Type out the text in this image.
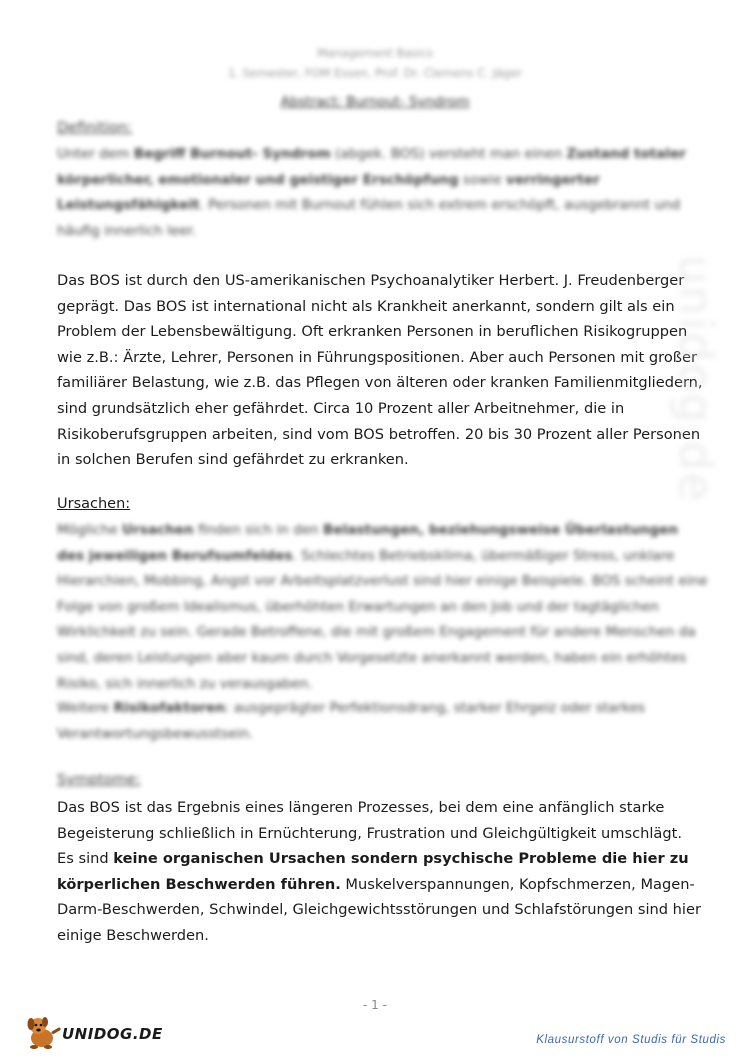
Management Basics
1. Semester, FOM Essen, Prof. Dr. Clemens C. Jäger
Abstract: Burnout- Syndrom
Definition:
Unter dem Begriff Burnout- Syndrom (abgek. BOS) versteht man einen Zustand totaler körperlicher, emotionaler und geistiger Erschöpfung sowie verringerter Leistungsfähigkeit. Personen mit Burnout fühlen sich extrem erschöpft, ausgebrannt und häufig innerlich leer.
Das BOS ist durch den US-amerikanischen Psychoanalytiker Herbert. J. Freudenberger geprägt. Das BOS ist international nicht als Krankheit anerkannt, sondern gilt als ein Problem der Lebensbewältigung. Oft erkranken Personen in beruflichen Risikogruppen wie z.B.: Ärzte, Lehrer, Personen in Führungspositionen. Aber auch Personen mit großer familiärer Belastung, wie z.B. das Pflegen von älteren oder kranken Familienmitgliedern, sind grundsätzlich eher gefährdet. Circa 10 Prozent aller Arbeitnehmer, die in Risikoberufsgruppen arbeiten, sind vom BOS betroffen. 20 bis 30 Prozent aller Personen in solchen Berufen sind gefährdet zu erkranken.
Ursachen:
Mögliche Ursachen finden sich in den Belastungen, beziehungsweise Überlastungen des jeweiligen Berufsumfeldes. Schlechtes Betriebsklima, übermäßiger Stress, unklare Hierarchien, Mobbing, Angst vor Arbeitsplatzverlust sind hier einige Beispiele. BOS scheint eine Folge von großem Idealismus, überhöhten Erwartungen an den Job und der tagtäglichen Wirklichkeit zu sein. Gerade Betroffene, die mit großem Engagement für andere Menschen da sind, deren Leistungen aber kaum durch Vorgesetzte anerkannt werden, haben ein erhöhtes Risiko, sich innerlich zu verausgaben.
Weitere Risikofaktoren: ausgeprägter Perfektionsdrang, starker Ehrgeiz oder starkes Verantwortungsbewusstsein.
Symptome:
Das BOS ist das Ergebnis eines längeren Prozesses, bei dem eine anfänglich starke Begeisterung schließlich in Ernüchterung, Frustration und Gleichgültigkeit umschlägt.
Es sind keine organischen Ursachen sondern psychische Probleme die hier zu körperlichen Beschwerden führen. Muskelverspannungen, Kopfschmerzen, Magen-Darm-Beschwerden, Schwindel, Gleichgewichtsstörungen und Schlafstörungen sind hier einige Beschwerden.
unidog.de
- 1 -
UNIDOG.DE	Klausurstoff von Studis für Studis
